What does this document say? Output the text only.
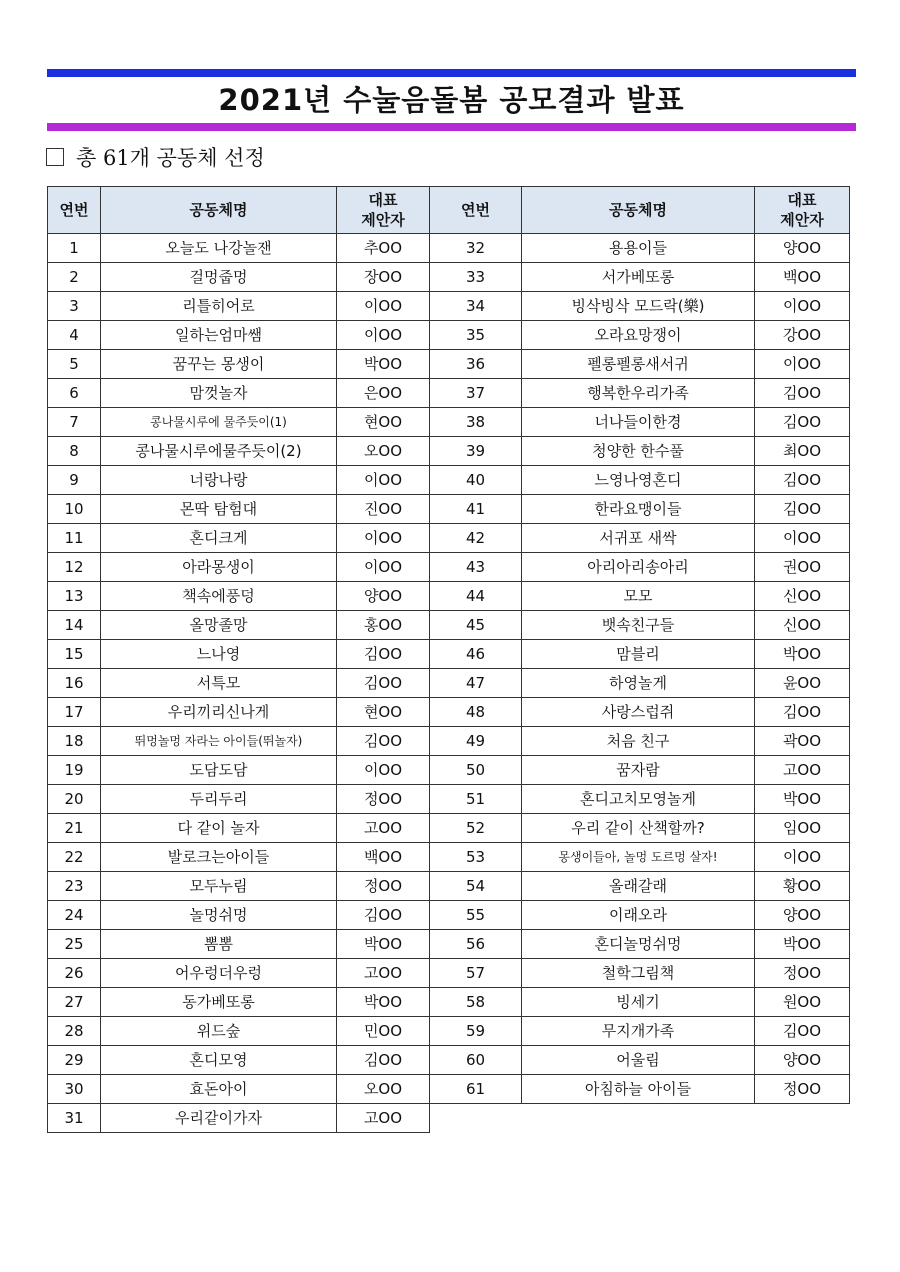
2021년 수눌음돌봄 공모결과 발표
총 61개 공동체 선정
연번	공동체명	대표
제안자
1	오늘도 나강놀잰	추OO
2	걸멍줍멍	장OO
3	리틀히어로	이OO
4	일하는엄마쌤	이OO
5	꿈꾸는 몽생이	박OO
6	맘껏놀자	은OO
7	콩나물시루에 물주듯이(1)	현OO
8	콩나물시루에물주듯이(2)	오OO
9	너랑나랑	이OO
10	몬딱 탐험대	진OO
11	혼디크게	이OO
12	아라몽생이	이OO
13	책속에풍덩	양OO
14	올망졸망	홍OO
15	느나영	김OO
16	서특모	김OO
17	우리끼리신나게	현OO
18	뛰멍놀멍 자라는 아이들(뛰놀자)	김OO
19	도담도담	이OO
20	두리두리	정OO
21	다 같이 놀자	고OO
22	발로크는아이들	백OO
23	모두누림	정OO
24	놀멍쉬멍	김OO
25	뽐뽐	박OO
26	어우렁더우렁	고OO
27	동가베또롱	박OO
28	위드숲	민OO
29	혼디모영	김OO
30	효돈아이	오OO
31	우리같이가자	고OO
연번	공동체명	대표
제안자
32	용용이들	양OO
33	서가베또롱	백OO
34	빙삭빙삭 모드락(樂)	이OO
35	오라요망쟁이	강OO
36	펠롱펠롱새서귀	이OO
37	행복한우리가족	김OO
38	너나들이한경	김OO
39	청양한 한수풀	최OO
40	느영나영혼디	김OO
41	한라요맹이들	김OO
42	서귀포 새싹	이OO
43	아리아리송아리	권OO
44	모모	신OO
45	뱃속친구들	신OO
46	맘블리	박OO
47	하영놀게	윤OO
48	사랑스럽쥐	김OO
49	처음 친구	곽OO
50	꿈자람	고OO
51	혼디고치모영놀게	박OO
52	우리 같이 산책할까?	임OO
53	몽생이들아, 놀멍 도르멍 살자!	이OO
54	올래갈래	황OO
55	이래오라	양OO
56	혼디놀멍쉬멍	박OO
57	철학그림책	정OO
58	빙세기	원OO
59	무지개가족	김OO
60	어울림	양OO
61	아침하늘 아이들	정OO
